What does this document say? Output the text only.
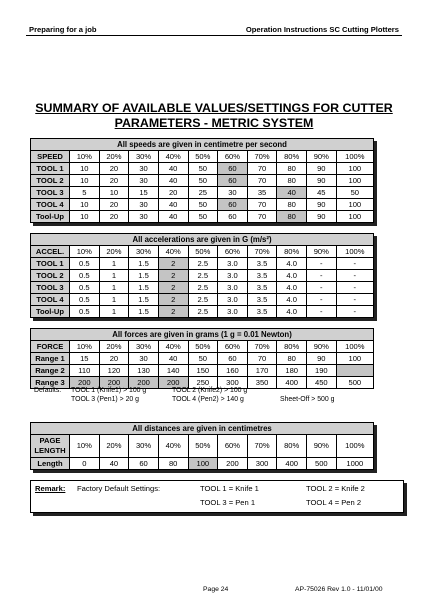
Preparing for a job	Operation Instructions SC Cutting Plotters
SUMMARY OF AVAILABLE VALUES/SETTINGS FOR CUTTER
PARAMETERS - METRIC SYSTEM
All speeds are given in centimetre per second										
SPEED	10%	20%	30%	40%	50%	60%	70%	80%	90%	100%
TOOL 1	10	20	30	40	50	60	70	80	90	100
TOOL 2	10	20	30	40	50	60	70	80	90	100
TOOL 3	5	10	15	20	25	30	35	40	45	50
TOOL 4	10	20	30	40	50	60	70	80	90	100
Tool-Up	10	20	30	40	50	60	70	80	90	100
All accelerations are given in G (m/s²)										
ACCEL.	10%	20%	30%	40%	50%	60%	70%	80%	90%	100%
TOOL 1	0.5	1	1.5	2	2.5	3.0	3.5	4.0	-	-
TOOL 2	0.5	1	1.5	2	2.5	3.0	3.5	4.0	-	-
TOOL 3	0.5	1	1.5	2	2.5	3.0	3.5	4.0	-	-
TOOL 4	0.5	1	1.5	2	2.5	3.0	3.5	4.0	-	-
Tool-Up	0.5	1	1.5	2	2.5	3.0	3.5	4.0	-	-
All forces are given in grams (1 g = 0.01 Newton)										
FORCE	10%	20%	30%	40%	50%	60%	70%	80%	90%	100%
Range 1	15	20	30	40	50	60	70	80	90	100
Range 2	110	120	130	140	150	160	170	180	190	
Range 3	200	200	200	200	250	300	350	400	450	500
Defaults: TOOL 1 (Knife1) > 100 g	TOOL 2 (Knife2) > 100 g
TOOL 3 (Pen1) > 20 g	TOOL 4 (Pen2) > 140 g	Sheet-Off > 500 g
All distances are given in centimetres										
PAGE LENGTH	10%	20%	30%	40%	50%	60%	70%	80%	90%	100%
Length	0	40	60	80	100	200	300	400	500	1000
Remark: Factory Default Settings:	TOOL 1 = Knife 1	TOOL 2 = Knife 2
TOOL 3 = Pen 1	TOOL 4 = Pen 2
Page 24	AP-75026 Rev 1.0 - 11/01/00
